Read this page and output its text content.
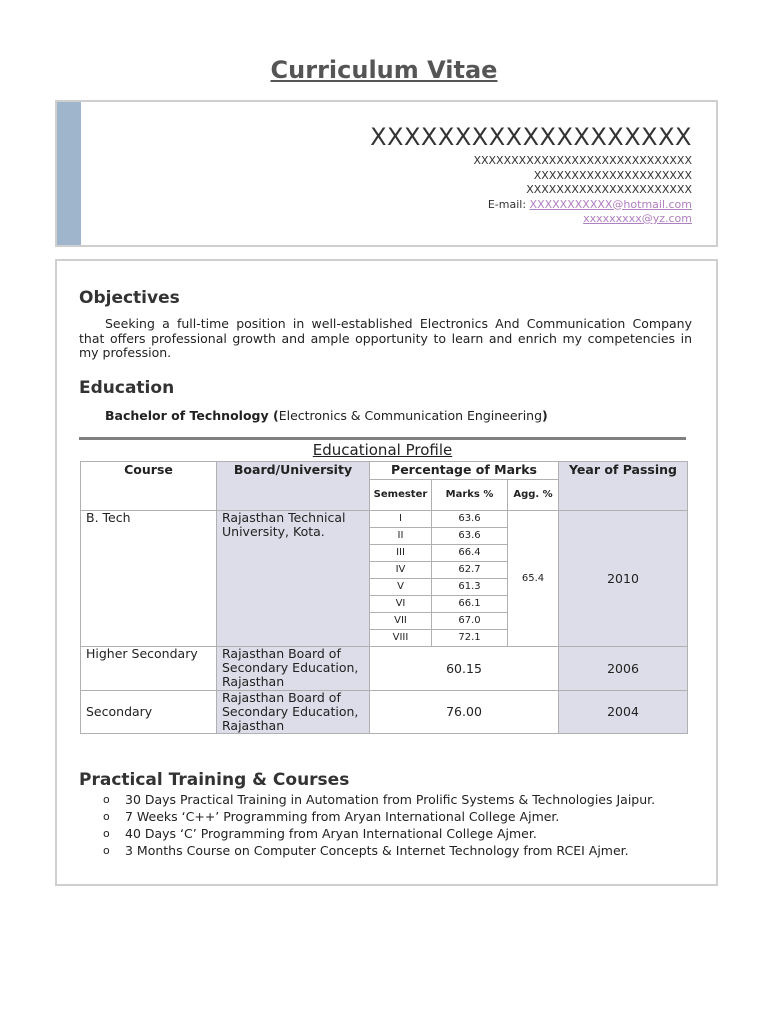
Curriculum Vitae
XXXXXXXXXXXXXXXXXXX
XXXXXXXXXXXXXXXXXXXXXXXXXXXXX
XXXXXXXXXXXXXXXXXXXXX
XXXXXXXXXXXXXXXXXXXXXX
E-mail: XXXXXXXXXXX@hotmail.com
xxxxxxxxx@yz.com
Objectives
Seeking a full-time position in well-established Electronics And Communication Company that offers professional growth and ample opportunity to learn and enrich my competencies in my profession.
Education
Bachelor of Technology (Electronics & Communication Engineering)
Educational Profile
Course	Board/University	Percentage of Marks			Year of Passing
		Semester	Marks %	Agg. %	
B. Tech	Rajasthan Technical University, Kota.	I	63.6	65.4	2010
		II	63.6		
		III	66.4		
		IV	62.7		
		V	61.3		
		VI	66.1		
		VII	67.0		
		VIII	72.1		
Higher Secondary	Rajasthan Board of Secondary Education, Rajasthan	60.15			2006
Secondary	Rajasthan Board of Secondary Education, Rajasthan	76.00			2004
Practical Training & Courses
o 30 Days Practical Training in Automation from Prolific Systems & Technologies Jaipur.
o 7 Weeks ‘C++’ Programming from Aryan International College Ajmer.
o 40 Days ‘C’ Programming from Aryan International College Ajmer.
o 3 Months Course on Computer Concepts & Internet Technology from RCEI Ajmer.
